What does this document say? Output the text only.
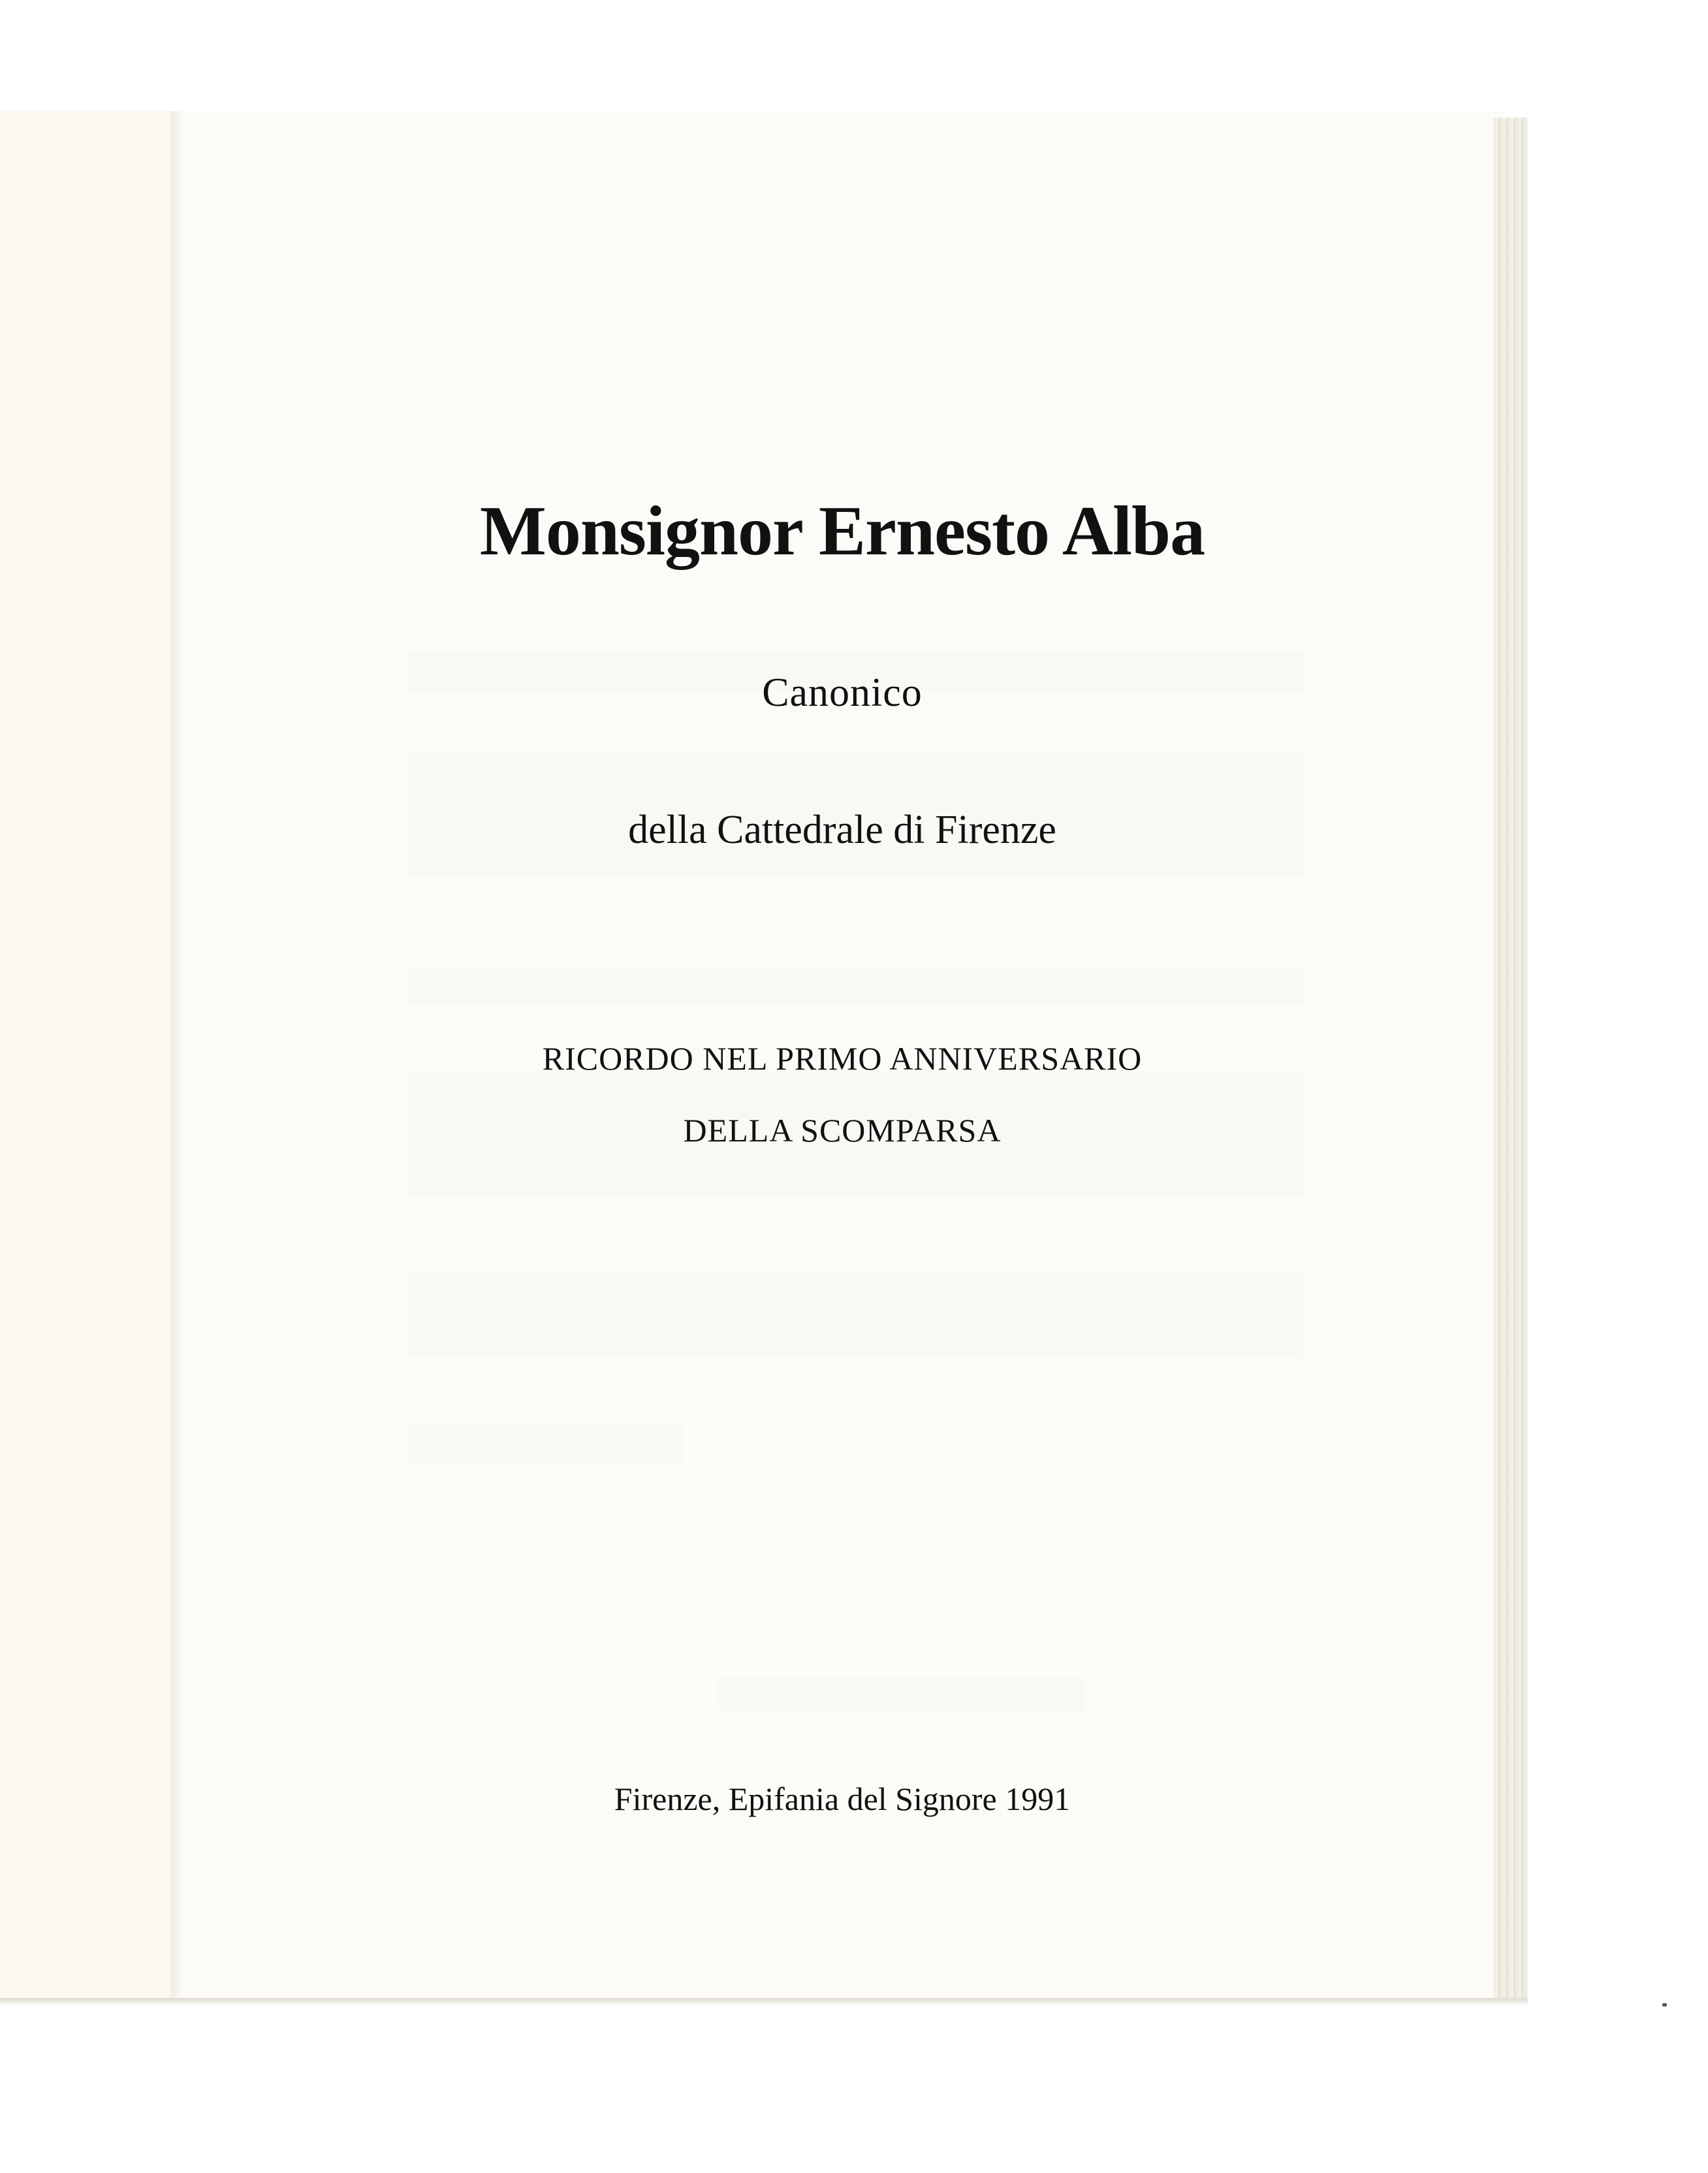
Monsignor Ernesto Alba

Canonico

della Cattedrale di Firenze

RICORDO NEL PRIMO ANNIVERSARIO

DELLA SCOMPARSA

Firenze, Epifania del Signore 1991
